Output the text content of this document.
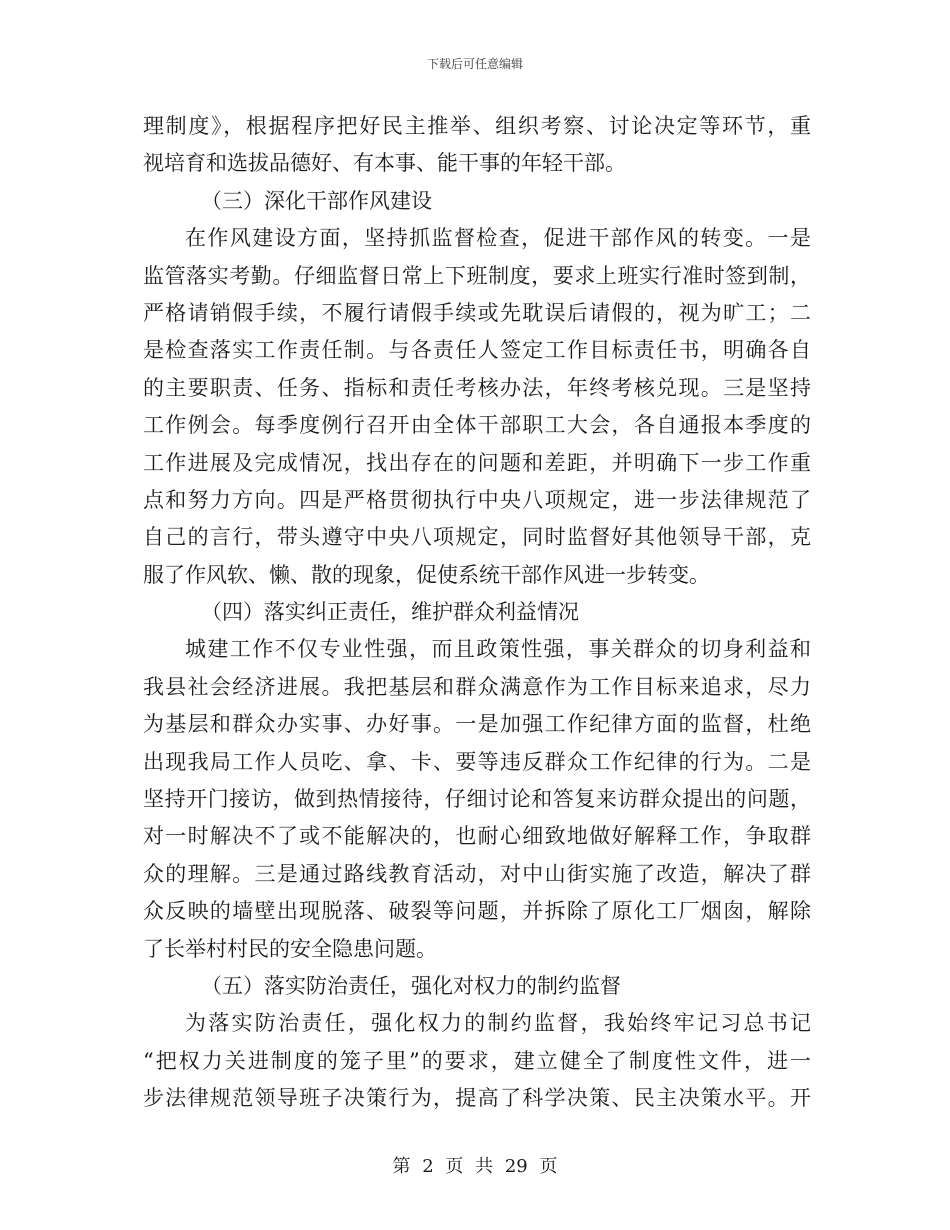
下载后可任意编辑
理制度》，根据程序把好民主推举、组织考察、讨论决定等环节，重
视培育和选拔品德好、有本事、能干事的年轻干部。
（三）深化干部作风建设
在作风建设方面，坚持抓监督检查，促进干部作风的转变。一是
监管落实考勤。仔细监督日常上下班制度，要求上班实行准时签到制，
严格请销假手续，不履行请假手续或先耽误后请假的，视为旷工；二
是检查落实工作责任制。与各责任人签定工作目标责任书，明确各自
的主要职责、任务、指标和责任考核办法，年终考核兑现。三是坚持
工作例会。每季度例行召开由全体干部职工大会，各自通报本季度的
工作进展及完成情况，找出存在的问题和差距，并明确下一步工作重
点和努力方向。四是严格贯彻执行中央八项规定，进一步法律规范了
自己的言行，带头遵守中央八项规定，同时监督好其他领导干部，克
服了作风软、懒、散的现象，促使系统干部作风进一步转变。
（四）落实纠正责任，维护群众利益情况
城建工作不仅专业性强，而且政策性强，事关群众的切身利益和
我县社会经济进展。我把基层和群众满意作为工作目标来追求，尽力
为基层和群众办实事、办好事。一是加强工作纪律方面的监督，杜绝
出现我局工作人员吃、拿、卡、要等违反群众工作纪律的行为。二是
坚持开门接访，做到热情接待，仔细讨论和答复来访群众提出的问题，
对一时解决不了或不能解决的，也耐心细致地做好解释工作，争取群
众的理解。三是通过路线教育活动，对中山街实施了改造，解决了群
众反映的墙壁出现脱落、破裂等问题，并拆除了原化工厂烟囱，解除
了长举村村民的安全隐患问题。
（五）落实防治责任，强化对权力的制约监督
为落实防治责任，强化权力的制约监督，我始终牢记习总书记
“把权力关进制度的笼子里”的要求，建立健全了制度性文件，进一
步法律规范领导班子决策行为，提高了科学决策、民主决策水平。开
第 2 页 共 29 页
